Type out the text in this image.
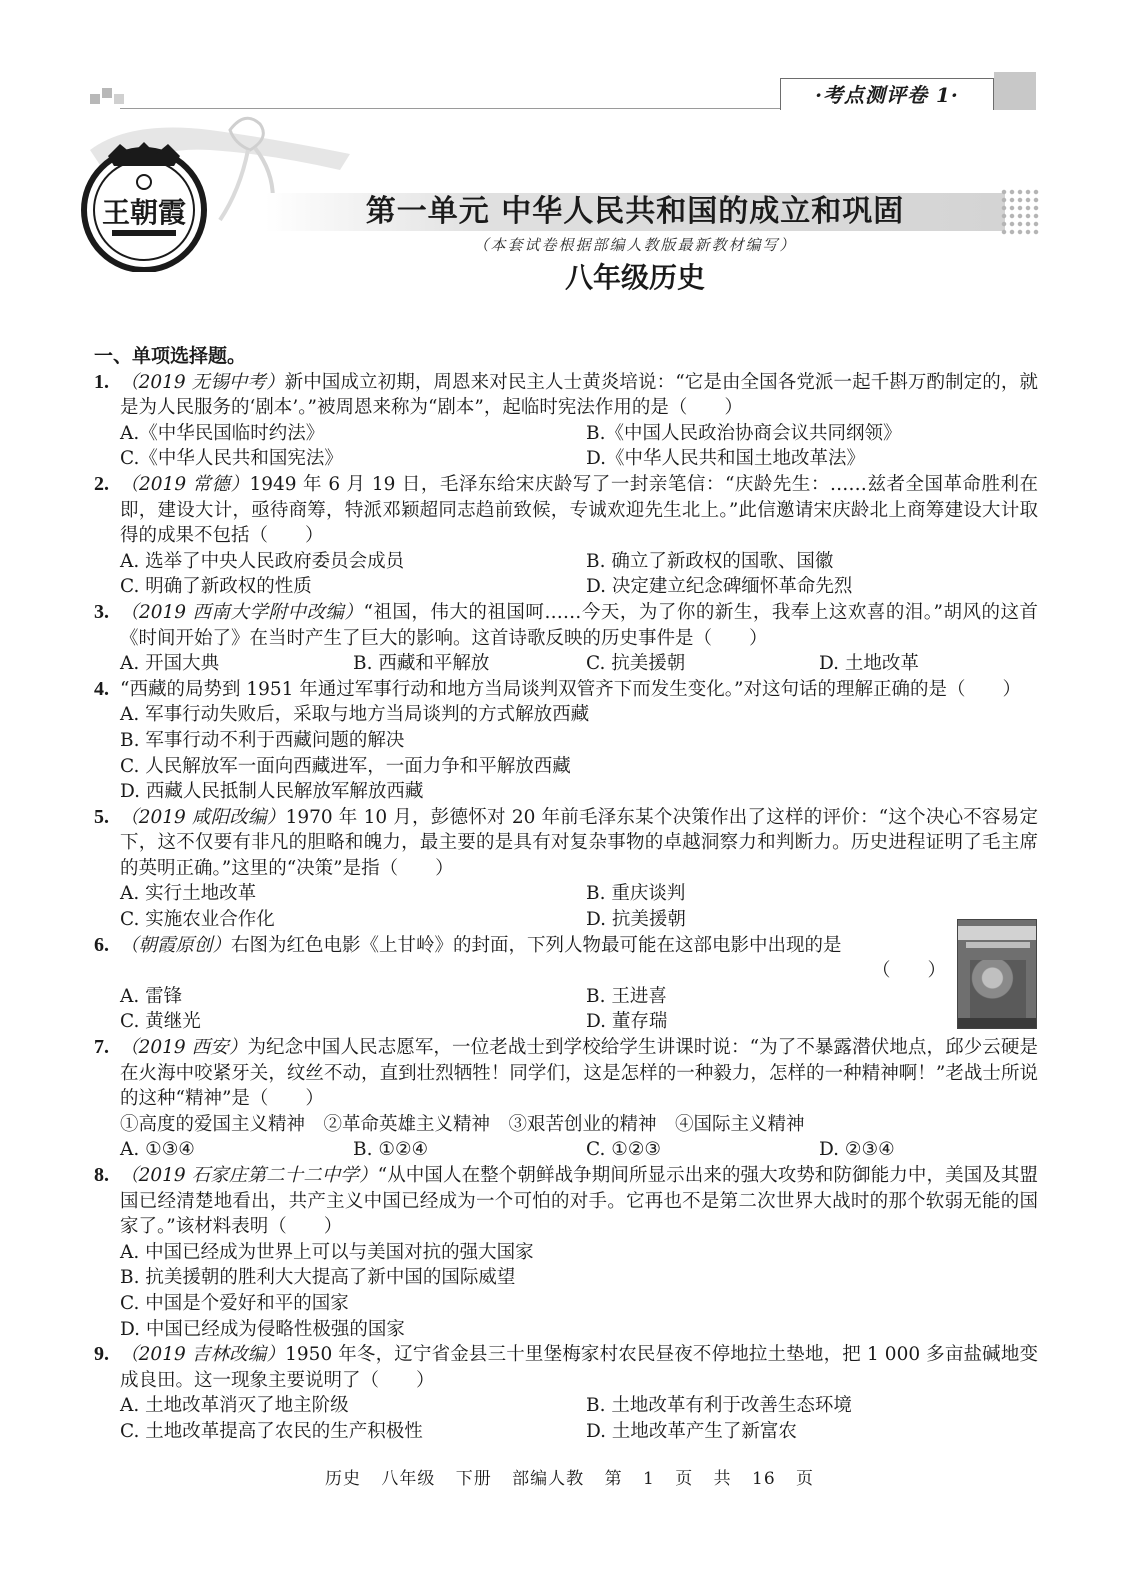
·考点测评卷 1·
王朝霞	第一单元 中华人民共和国的成立和巩固
（本套试卷根据部编人教版最新教材编写）
八年级历史
一、单项选择题。
1. （2019 无锡中考）新中国成立初期，周恩来对民主人士黄炎培说：“它是由全国各党派一起千斟万酌制定的，就是为人民服务的‘剧本’。”被周恩来称为“剧本”，起临时宪法作用的是（　　）
A.《中华民国临时约法》	B.《中国人民政治协商会议共同纲领》
C.《中华人民共和国宪法》	D.《中华人民共和国土地改革法》
2. （2019 常德）1949 年 6 月 19 日，毛泽东给宋庆龄写了一封亲笔信：“庆龄先生：……兹者全国革命胜利在即，建设大计，亟待商筹，特派邓颖超同志趋前致候，专诚欢迎先生北上。”此信邀请宋庆龄北上商筹建设大计取得的成果不包括（　　）
A. 选举了中央人民政府委员会成员	B. 确立了新政权的国歌、国徽
C. 明确了新政权的性质	D. 决定建立纪念碑缅怀革命先烈
3. （2019 西南大学附中改编）“祖国，伟大的祖国呵……今天，为了你的新生，我奉上这欢喜的泪。”胡风的这首《时间开始了》在当时产生了巨大的影响。这首诗歌反映的历史事件是（　　）
A. 开国大典	B. 西藏和平解放	C. 抗美援朝	D. 土地改革
4. “西藏的局势到 1951 年通过军事行动和地方当局谈判双管齐下而发生变化。”对这句话的理解正确的是（　　）
A. 军事行动失败后，采取与地方当局谈判的方式解放西藏
B. 军事行动不利于西藏问题的解决
C. 人民解放军一面向西藏进军，一面力争和平解放西藏
D. 西藏人民抵制人民解放军解放西藏
5. （2019 咸阳改编）1970 年 10 月，彭德怀对 20 年前毛泽东某个决策作出了这样的评价：“这个决心不容易定下，这不仅要有非凡的胆略和魄力，最主要的是具有对复杂事物的卓越洞察力和判断力。历史进程证明了毛主席的英明正确。”这里的“决策”是指（　　）
A. 实行土地改革	B. 重庆谈判
C. 实施农业合作化	D. 抗美援朝
6. （朝霞原创）右图为红色电影《上甘岭》的封面，下列人物最可能在这部电影中出现的是
（　　）
A. 雷锋	B. 王进喜
C. 黄继光	D. 董存瑞
7. （2019 西安）为纪念中国人民志愿军，一位老战士到学校给学生讲课时说：“为了不暴露潜伏地点，邱少云硬是在火海中咬紧牙关，纹丝不动，直到壮烈牺牲！同学们，这是怎样的一种毅力，怎样的一种精神啊！”老战士所说的这种“精神”是（　　）
①高度的爱国主义精神　②革命英雄主义精神　③艰苦创业的精神　④国际主义精神
A. ①③④	B. ①②④	C. ①②③	D. ②③④
8. （2019 石家庄第二十二中学）“从中国人在整个朝鲜战争期间所显示出来的强大攻势和防御能力中，美国及其盟国已经清楚地看出，共产主义中国已经成为一个可怕的对手。它再也不是第二次世界大战时的那个软弱无能的国家了。”该材料表明（　　）
A. 中国已经成为世界上可以与美国对抗的强大国家
B. 抗美援朝的胜利大大提高了新中国的国际威望
C. 中国是个爱好和平的国家
D. 中国已经成为侵略性极强的国家
9. （2019 吉林改编）1950 年冬，辽宁省金县三十里堡梅家村农民昼夜不停地拉土垫地，把 1 000 多亩盐碱地变成良田。这一现象主要说明了（　　）
A. 土地改革消灭了地主阶级	B. 土地改革有利于改善生态环境
C. 土地改革提高了农民的生产积极性	D. 土地改革产生了新富农
历史 八年级 下册 部编人教 第 1 页 共 16 页
